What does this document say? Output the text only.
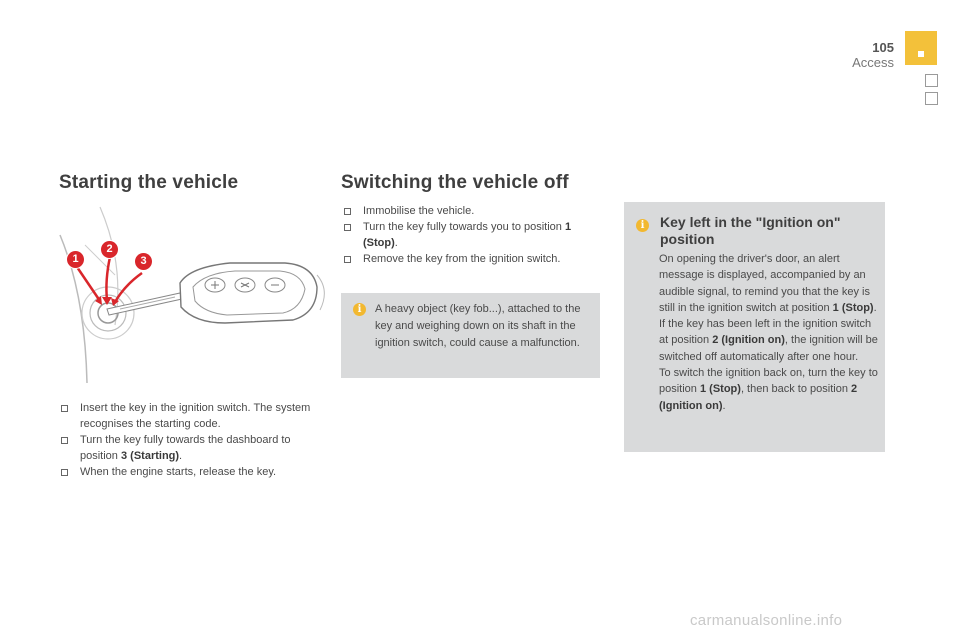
105
Access
Starting the vehicle
1
2
3
Insert the key in the ignition switch. The system recognises the starting code.
Turn the key fully towards the dashboard to position 3 (Starting).
When the engine starts, release the key.
Switching the vehicle off
Immobilise the vehicle.
Turn the key fully towards you to position 1 (Stop).
Remove the key from the ignition switch.
i	A heavy object (key fob...), attached to the key and weighing down on its shaft in the ignition switch, could cause a malfunction.
i	Key left in the "Ignition on" position

On opening the driver's door, an alert message is displayed, accompanied by an audible signal, to remind you that the key is still in the ignition switch at position 1 (Stop).

If the key has been left in the ignition switch at position 2 (Ignition on), the ignition will be switched off automatically after one hour.

To switch the ignition back on, turn the key to position 1 (Stop), then back to position 2 (Ignition on).

carmanualsonline.info
